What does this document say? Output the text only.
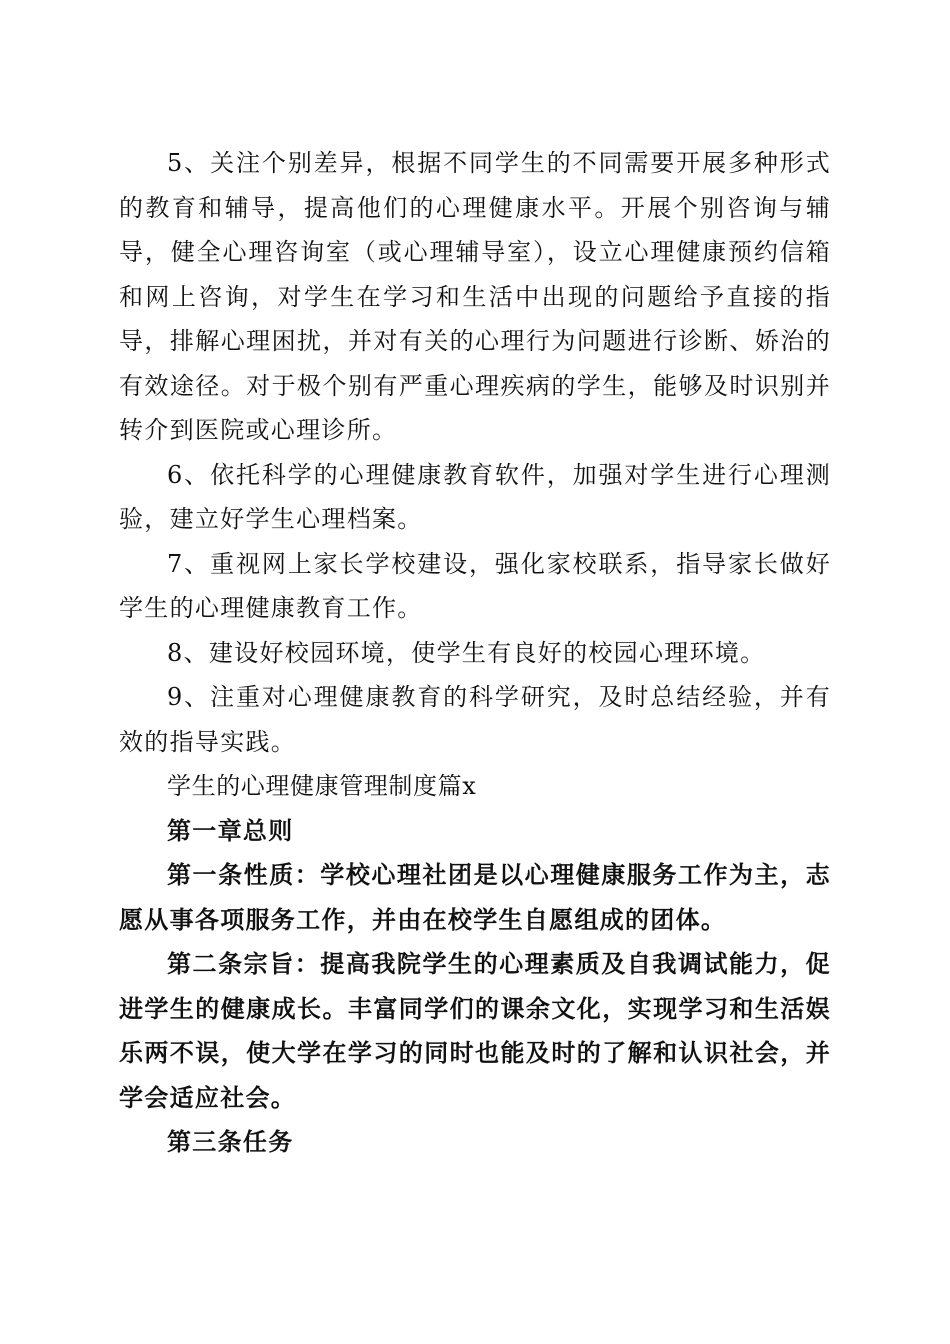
5、关注个别差异，根据不同学生的不同需要开展多种形式的教育和辅导，提高他们的心理健康水平。开展个别咨询与辅导，健全心理咨询室（或心理辅导室），设立心理健康预约信箱和网上咨询，对学生在学习和生活中出现的问题给予直接的指导，排解心理困扰，并对有关的心理行为问题进行诊断、娇治的有效途径。对于极个别有严重心理疾病的学生，能够及时识别并转介到医院或心理诊所。

6、依托科学的心理健康教育软件，加强对学生进行心理测验，建立好学生心理档案。

7、重视网上家长学校建设，强化家校联系，指导家长做好学生的心理健康教育工作。

8、建设好校园环境，使学生有良好的校园心理环境。

9、注重对心理健康教育的科学研究，及时总结经验，并有效的指导实践。

学生的心理健康管理制度篇x

第一章总则

第一条性质：学校心理社团是以心理健康服务工作为主，志愿从事各项服务工作，并由在校学生自愿组成的团体。

第二条宗旨：提高我院学生的心理素质及自我调试能力，促进学生的健康成长。丰富同学们的课余文化，实现学习和生活娱乐两不误，使大学在学习的同时也能及时的了解和认识社会，并学会适应社会。

第三条任务
